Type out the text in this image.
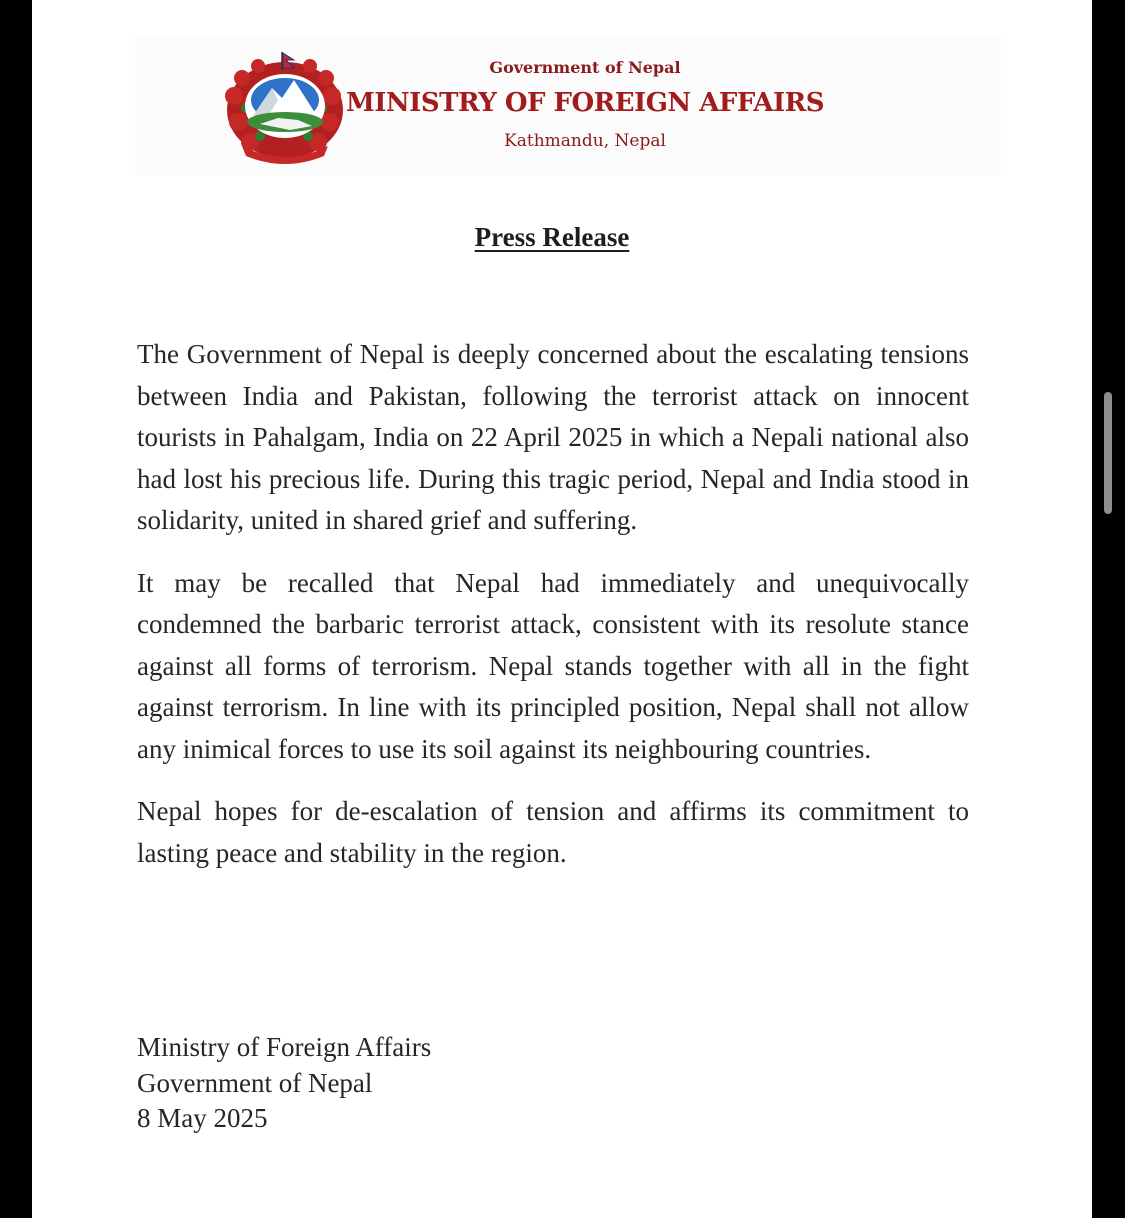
Government of Nepal
MINISTRY OF FOREIGN AFFAIRS
Kathmandu, Nepal
Press Release

The Government of Nepal is deeply concerned about the escalating tensions between India and Pakistan, following the terrorist attack on innocent tourists in Pahalgam, India on 22 April 2025 in which a Nepali national also had lost his precious life. During this tragic period, Nepal and India stood in solidarity, united in shared grief and suffering.

It may be recalled that Nepal had immediately and unequivocally condemned the barbaric terrorist attack, consistent with its resolute stance against all forms of terrorism. Nepal stands together with all in the fight against terrorism. In line with its principled position, Nepal shall not allow any inimical forces to use its soil against its neighbouring countries.

Nepal hopes for de-escalation of tension and affirms its commitment to lasting peace and stability in the region.

Ministry of Foreign Affairs
Government of Nepal
8 May 2025
